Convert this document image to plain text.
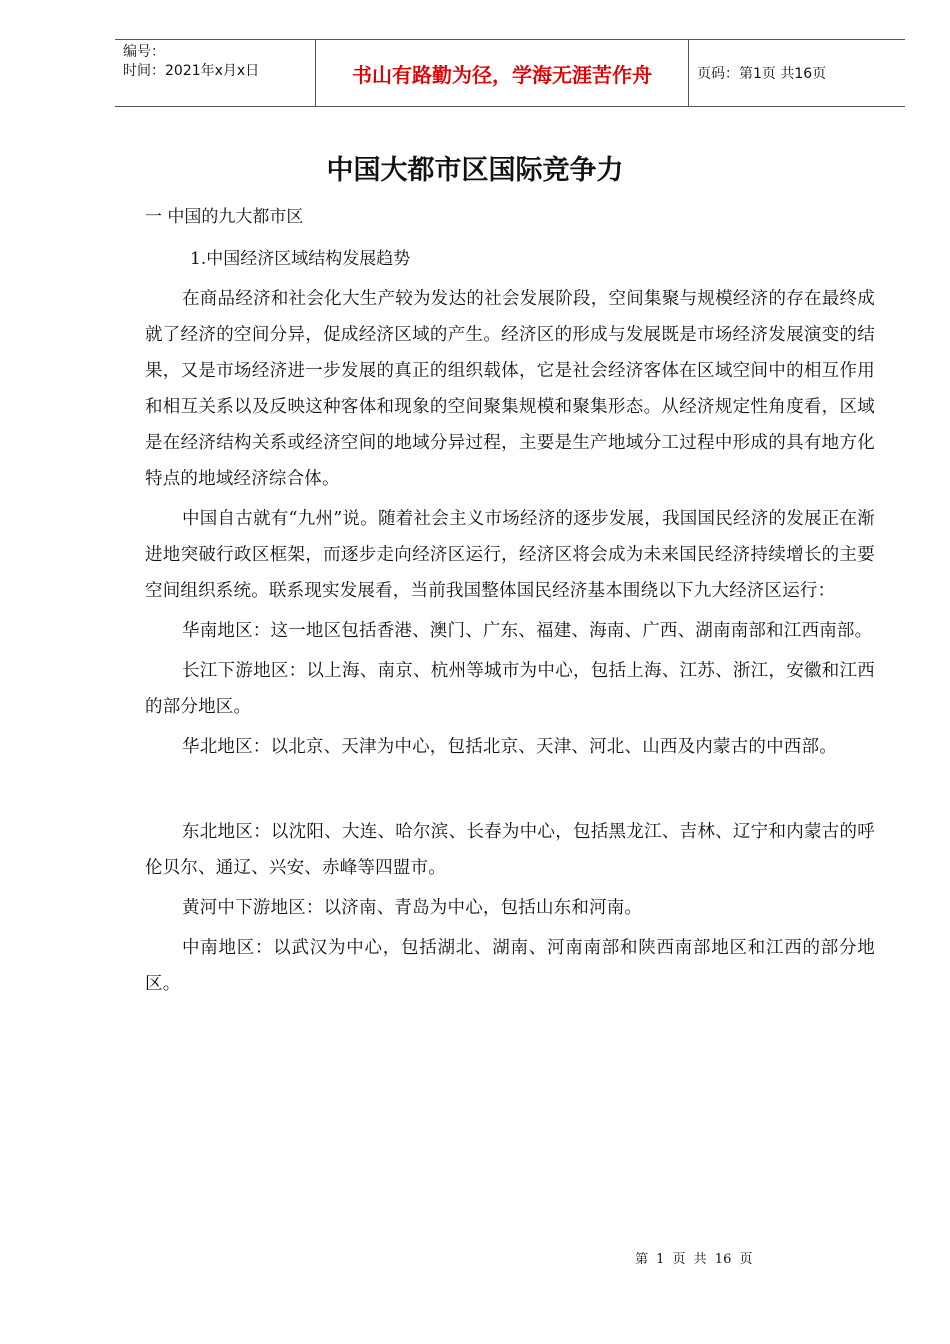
编号：
时间：2021年x月x日	书山有路勤为径，学海无涯苦作舟	页码：第1页 共16页
中国大都市区国际竞争力

一 中国的九大都市区

1.中国经济区域结构发展趋势

在商品经济和社会化大生产较为发达的社会发展阶段，空间集聚与规模经济的存在最终成就了经济的空间分异，促成经济区域的产生。经济区的形成与发展既是市场经济发展演变的结果，又是市场经济进一步发展的真正的组织载体，它是社会经济客体在区域空间中的相互作用和相互关系以及反映这种客体和现象的空间聚集规模和聚集形态。从经济规定性角度看，区域是在经济结构关系或经济空间的地域分异过程，主要是生产地域分工过程中形成的具有地方化特点的地域经济综合体。

中国自古就有“九州”说。随着社会主义市场经济的逐步发展，我国国民经济的发展正在渐进地突破行政区框架，而逐步走向经济区运行，经济区将会成为未来国民经济持续增长的主要空间组织系统。联系现实发展看，当前我国整体国民经济基本围绕以下九大经济区运行：

华南地区：这一地区包括香港、澳门、广东、福建、海南、广西、湖南南部和江西南部。

长江下游地区：以上海、南京、杭州等城市为中心，包括上海、江苏、浙江，安徽和江西的部分地区。

华北地区：以北京、天津为中心，包括北京、天津、河北、山西及内蒙古的中西部。

东北地区：以沈阳、大连、哈尔滨、长春为中心，包括黑龙江、吉林、辽宁和内蒙古的呼伦贝尔、通辽、兴安、赤峰等四盟市。

黄河中下游地区：以济南、青岛为中心，包括山东和河南。

中南地区：以武汉为中心，包括湖北、湖南、河南南部和陕西南部地区和江西的部分地区。

第 1 页 共 16 页
